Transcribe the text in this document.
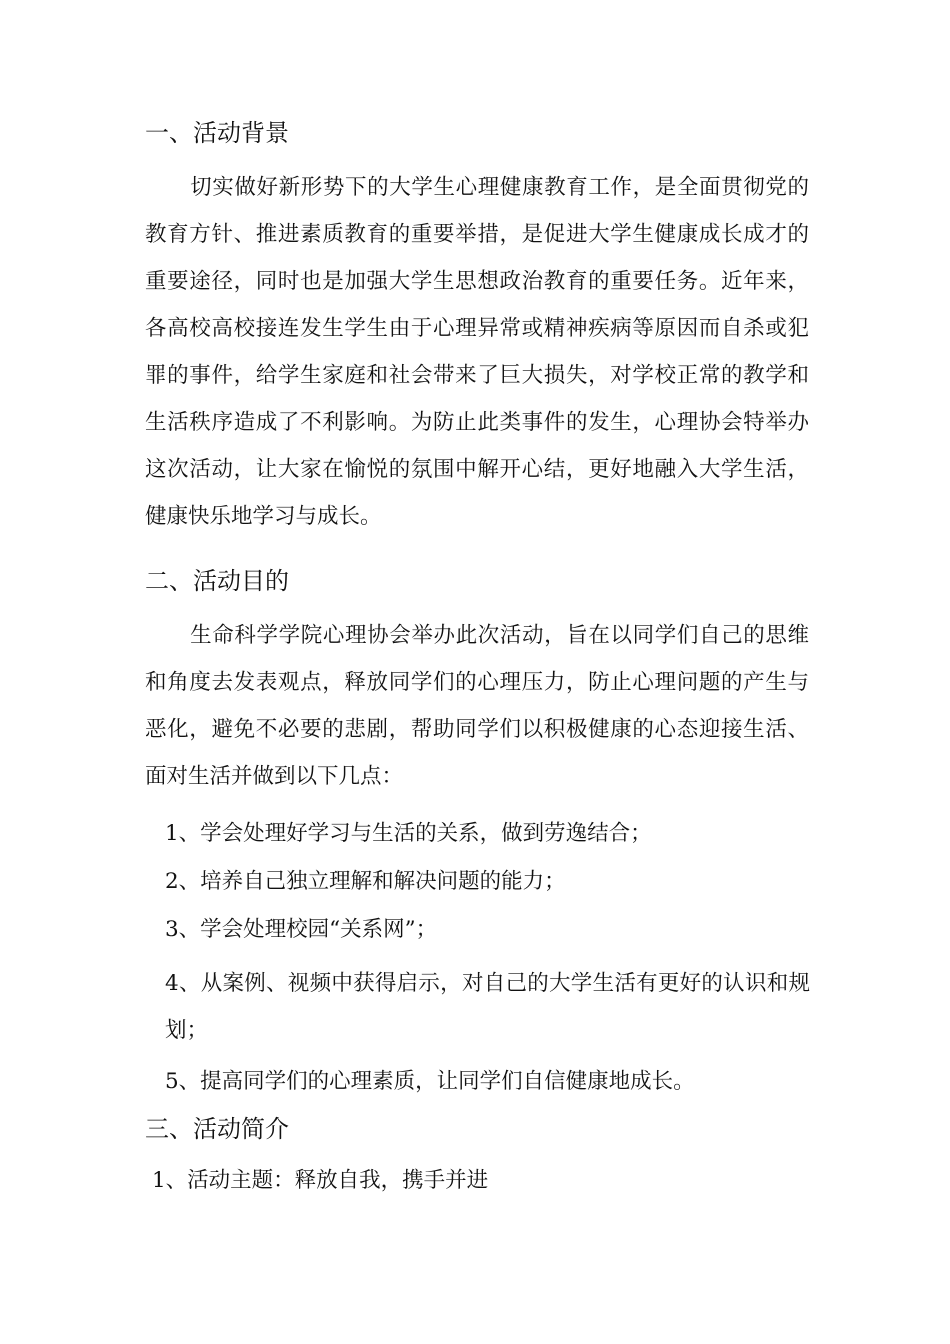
一、活动背景
切实做好新形势下的大学生心理健康教育工作，是全面贯彻党的教育方针、推进素质教育的重要举措，是促进大学生健康成长成才的重要途径，同时也是加强大学生思想政治教育的重要任务。近年来，各高校高校接连发生学生由于心理异常或精神疾病等原因而自杀或犯罪的事件，给学生家庭和社会带来了巨大损失，对学校正常的教学和生活秩序造成了不利影响。为防止此类事件的发生，心理协会特举办这次活动，让大家在愉悦的氛围中解开心结，更好地融入大学生活，健康快乐地学习与成长。
二、活动目的
生命科学学院心理协会举办此次活动，旨在以同学们自己的思维和角度去发表观点，释放同学们的心理压力，防止心理问题的产生与恶化，避免不必要的悲剧，帮助同学们以积极健康的心态迎接生活、面对生活并做到以下几点：
1、学会处理好学习与生活的关系，做到劳逸结合；
2、培养自己独立理解和解决问题的能力；
3、学会处理校园“关系网”；
4、从案例、视频中获得启示，对自己的大学生活有更好的认识和规划；
5、提高同学们的心理素质，让同学们自信健康地成长。
三、活动简介
1、活动主题：释放自我，携手并进
